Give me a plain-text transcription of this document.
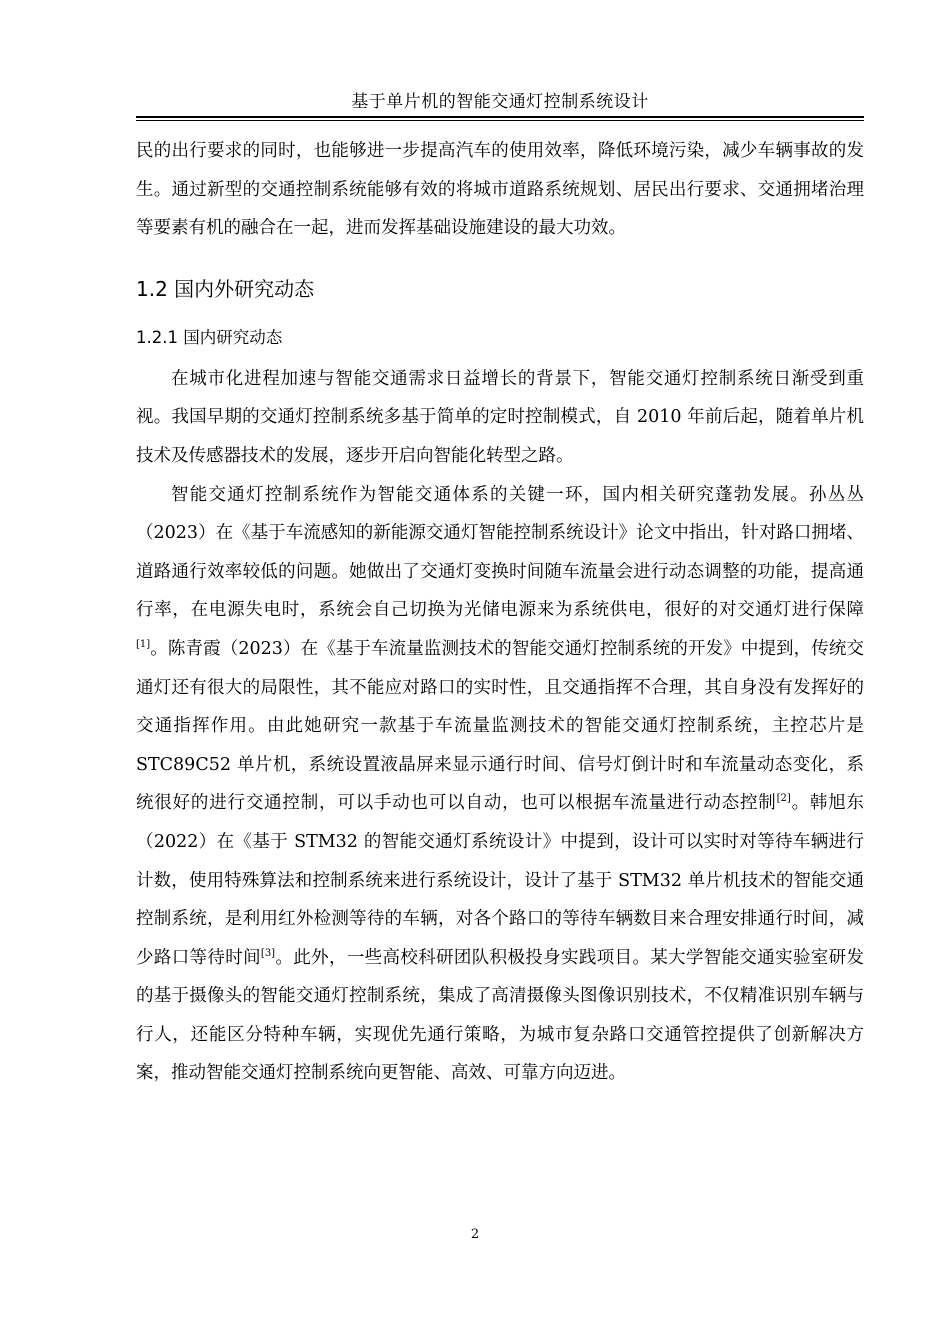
基于单片机的智能交通灯控制系统设计

民的出行要求的同时，也能够进一步提高汽车的使用效率，降低环境污染，减少车辆事故的发生。通过新型的交通控制系统能够有效的将城市道路系统规划、居民出行要求、交通拥堵治理等要素有机的融合在一起，进而发挥基础设施建设的最大功效。

1.2 国内外研究动态
1.2.1 国内研究动态

在城市化进程加速与智能交通需求日益增长的背景下，智能交通灯控制系统日渐受到重视。我国早期的交通灯控制系统多基于简单的定时控制模式，自 2010 年前后起，随着单片机技术及传感器技术的发展，逐步开启向智能化转型之路。

智能交通灯控制系统作为智能交通体系的关键一环，国内相关研究蓬勃发展。孙丛丛（2023）在《基于车流感知的新能源交通灯智能控制系统设计》论文中指出，针对路口拥堵、道路通行效率较低的问题。她做出了交通灯变换时间随车流量会进行动态调整的功能，提高通行率，在电源失电时，系统会自己切换为光储电源来为系统供电，很好的对交通灯进行保障[1]。陈青霞（2023）在《基于车流量监测技术的智能交通灯控制系统的开发》中提到，传统交通灯还有很大的局限性，其不能应对路口的实时性，且交通指挥不合理，其自身没有发挥好的交通指挥作用。由此她研究一款基于车流量监测技术的智能交通灯控制系统，主控芯片是 STC89C52 单片机，系统设置液晶屏来显示通行时间、信号灯倒计时和车流量动态变化，系统很好的进行交通控制，可以手动也可以自动，也可以根据车流量进行动态控制[2]。韩旭东（2022）在《基于 STM32 的智能交通灯系统设计》中提到，设计可以实时对等待车辆进行计数，使用特殊算法和控制系统来进行系统设计，设计了基于 STM32 单片机技术的智能交通控制系统，是利用红外检测等待的车辆，对各个路口的等待车辆数目来合理安排通行时间，减少路口等待时间[3]。此外，一些高校科研团队积极投身实践项目。某大学智能交通实验室研发的基于摄像头的智能交通灯控制系统，集成了高清摄像头图像识别技术，不仅精准识别车辆与行人，还能区分特种车辆，实现优先通行策略，为城市复杂路口交通管控提供了创新解决方案，推动智能交通灯控制系统向更智能、高效、可靠方向迈进。

2
